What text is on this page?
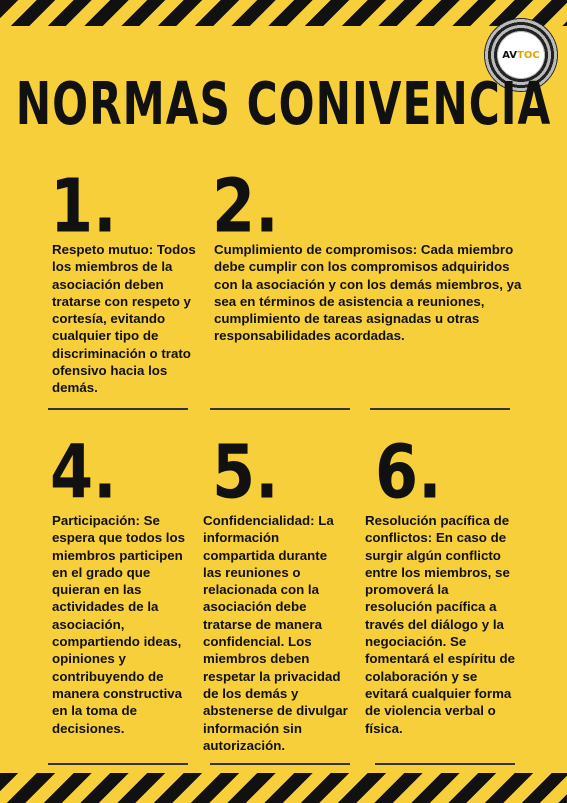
AV TOC
NORMAS CONIVENCIA
1.
Respeto mutuo: Todos los miembros de la asociación deben tratarse con respeto y cortesía, evitando cualquier tipo de discriminación o trato ofensivo hacia los demás.
2.
Cumplimiento de compromisos: Cada miembro debe cumplir con los compromisos adquiridos con la asociación y con los demás miembros, ya sea en términos de asistencia a reuniones, cumplimiento de tareas asignadas u otras responsabilidades acordadas.
4.
Participación: Se espera que todos los miembros participen en el grado que quieran en las actividades de la asociación, compartiendo ideas, opiniones y contribuyendo de manera constructiva en la toma de decisiones.
5.
Confidencialidad: La información compartida durante las reuniones o relacionada con la asociación debe tratarse de manera confidencial. Los miembros deben respetar la privacidad de los demás y abstenerse de divulgar información sin autorización.
6.
Resolución pacífica de conflictos: En caso de surgir algún conflicto entre los miembros, se promoverá la resolución pacífica a través del diálogo y la negociación. Se fomentará el espíritu de colaboración y se evitará cualquier forma de violencia verbal o física.
